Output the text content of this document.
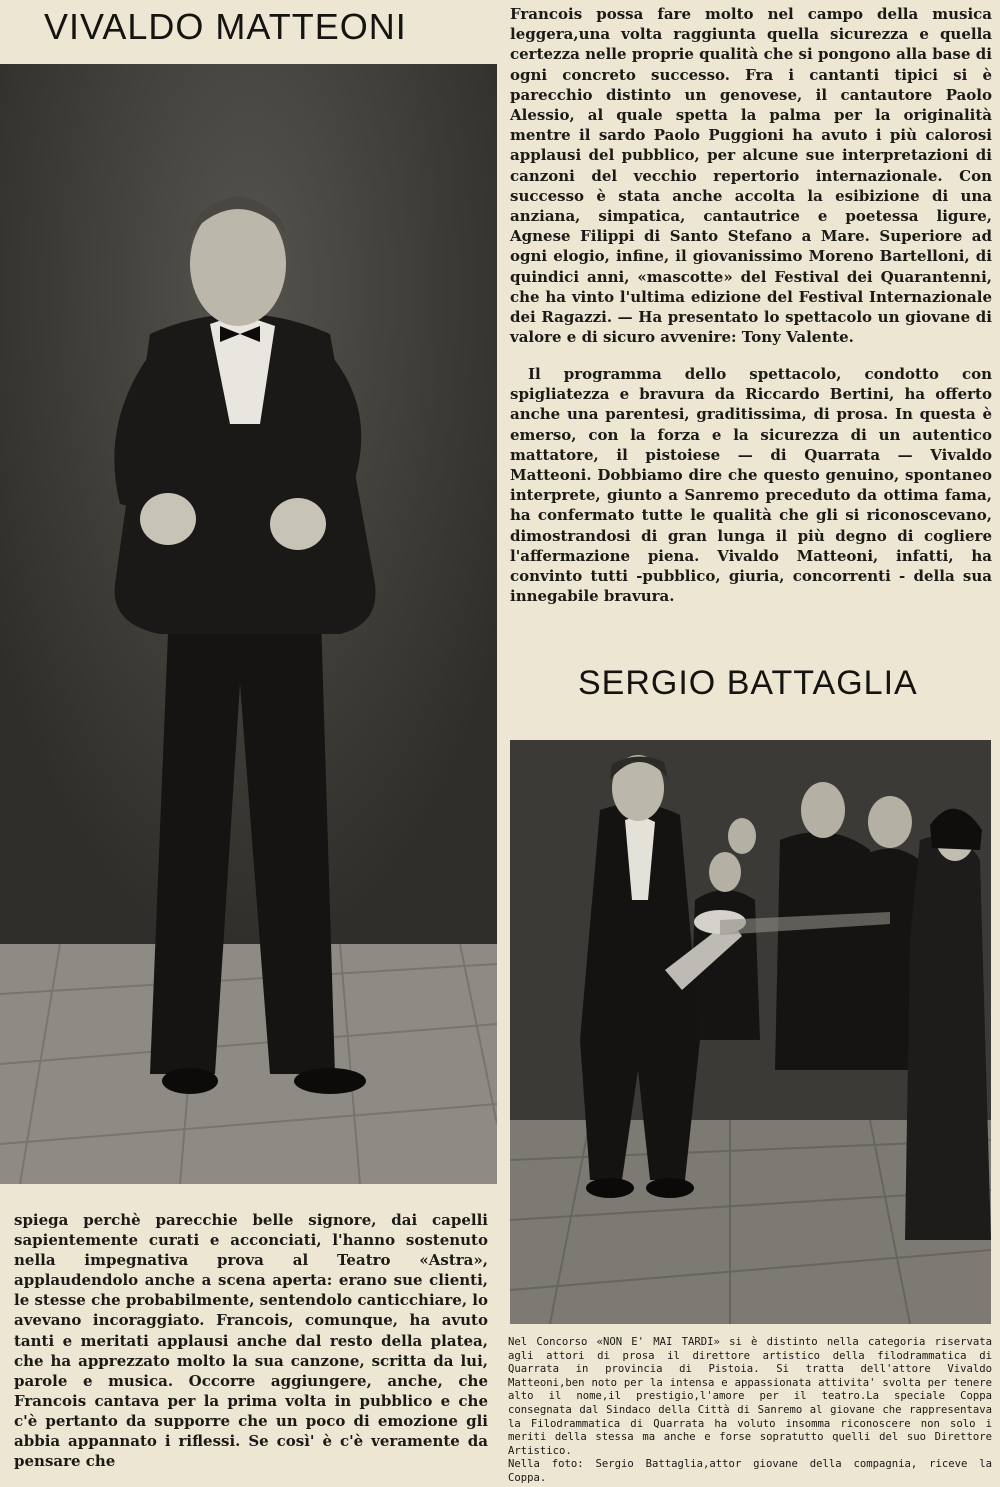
VIVALDO MATTEONI	Francois possa fare molto nel campo della musica leggera,una volta raggiunta quella sicurezza e quella certezza nelle proprie qualità che si pongono alla base di ogni concreto successo. Fra i cantanti tipici si è parecchio distinto un genovese, il cantautore Paolo Alessio, al quale spetta la palma per la originalità mentre il sardo Paolo Puggioni ha avuto i più calorosi applausi del pubblico, per alcune sue interpretazioni di canzoni del vecchio repertorio internazionale. Con successo è stata anche accolta la esibizione di una anziana, simpatica, cantautrice e poetessa ligure, Agnese Filippi di Santo Stefano a Mare. Superiore ad ogni elogio, infine, il giovanissimo Moreno Bartelloni, di quindici anni, «mascotte» del Festival dei Quarantenni, che ha vinto l'ultima edizione del Festival Internazionale dei Ragazzi. — Ha presentato lo spettacolo un giovane di valore e di sicuro avvenire: Tony Valente.

Il programma dello spettacolo, condotto con spigliatezza e bravura da Riccardo Bertini, ha offerto anche una parentesi, graditissima, di prosa. In questa è emerso, con la forza e la sicurezza di un autentico mattatore, il pistoiese — di Quarrata — Vivaldo Matteoni. Dobbiamo dire che questo genuino, spontaneo interprete, giunto a Sanremo preceduto da ottima fama, ha confermato tutte le qualità che gli si riconoscevano, dimostrandosi di gran lunga il più degno di cogliere l'affermazione piena. Vivaldo Matteoni, infatti, ha convinto tutti -pubblico, giuria, concorrenti - della sua innegabile bravura.

SERGIO BATTAGLIA

spiega perchè parecchie belle signore, dai capelli sapientemente curati e acconciati, l'hanno sostenuto nella impegnativa prova al Teatro «Astra», applaudendolo anche a scena aperta: erano sue clienti, le stesse che probabilmente, sentendolo canticchiare, lo avevano incoraggiato. Francois, comunque, ha avuto tanti e meritati applausi anche dal resto della platea, che ha apprezzato molto la sua canzone, scritta da lui, parole e musica. Occorre aggiungere, anche, che Francois cantava per la prima volta in pubblico e che c'è pertanto da supporre che un poco di emozione gli abbia appannato i riflessi. Se così' è c'è veramente da pensare che

Nel Concorso «NON E' MAI TARDI» si è distinto nella categoria riservata agli attori di prosa il direttore artistico della filodrammatica di Quarrata in provincia di Pistoia. Si tratta dell'attore Vivaldo Matteoni,ben noto per la intensa e appassionata attivita' svolta per tenere alto il nome,il prestigio,l'amore per il teatro.La speciale Coppa consegnata dal Sindaco della Città di Sanremo al giovane che rappresentava la Filodrammatica di Quarrata ha voluto insomma riconoscere non solo i meriti della stessa ma anche e forse sopratutto quelli del suo Direttore Artistico.
Nella foto: Sergio Battaglia,attor giovane della compagnia, riceve la Coppa.
